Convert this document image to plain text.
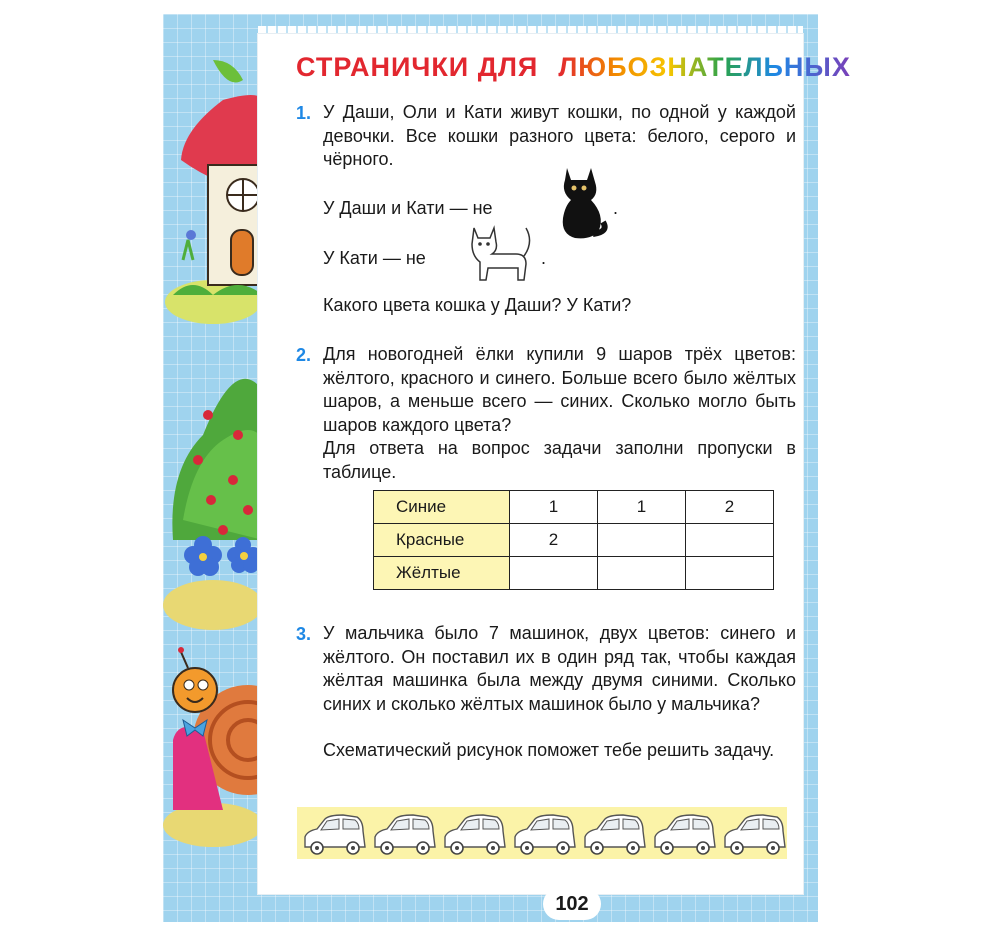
СТРАНИЧКИ ДЛЯ ЛЮБОЗНАТЕЛЬНЫХ
1. У Даши, Оли и Кати живут кошки, по одной у каждой девочки. Все кошки разного цвета: белого, серого и чёрного.
У Даши и Кати — не	.
У Кати — не	.
Какого цвета кошка у Даши? У Кати?
2. Для новогодней ёлки купили 9 шаров трёх цветов: жёлтого, красного и синего. Больше всего было жёлтых шаров, а меньше всего — синих. Сколько могло быть шаров каждого цвета?
Для ответа на вопрос задачи заполни пропуски в таблице.
Синие	1	1	2
Красные	2		
Жёлтые			
3. У мальчика было 7 машинок, двух цветов: синего и жёлтого. Он поставил их в один ряд так, чтобы каждая жёлтая машинка была между двумя синими. Сколько синих и сколько жёлтых машинок было у мальчика?
Схематический рисунок поможет тебе решить задачу.
102
